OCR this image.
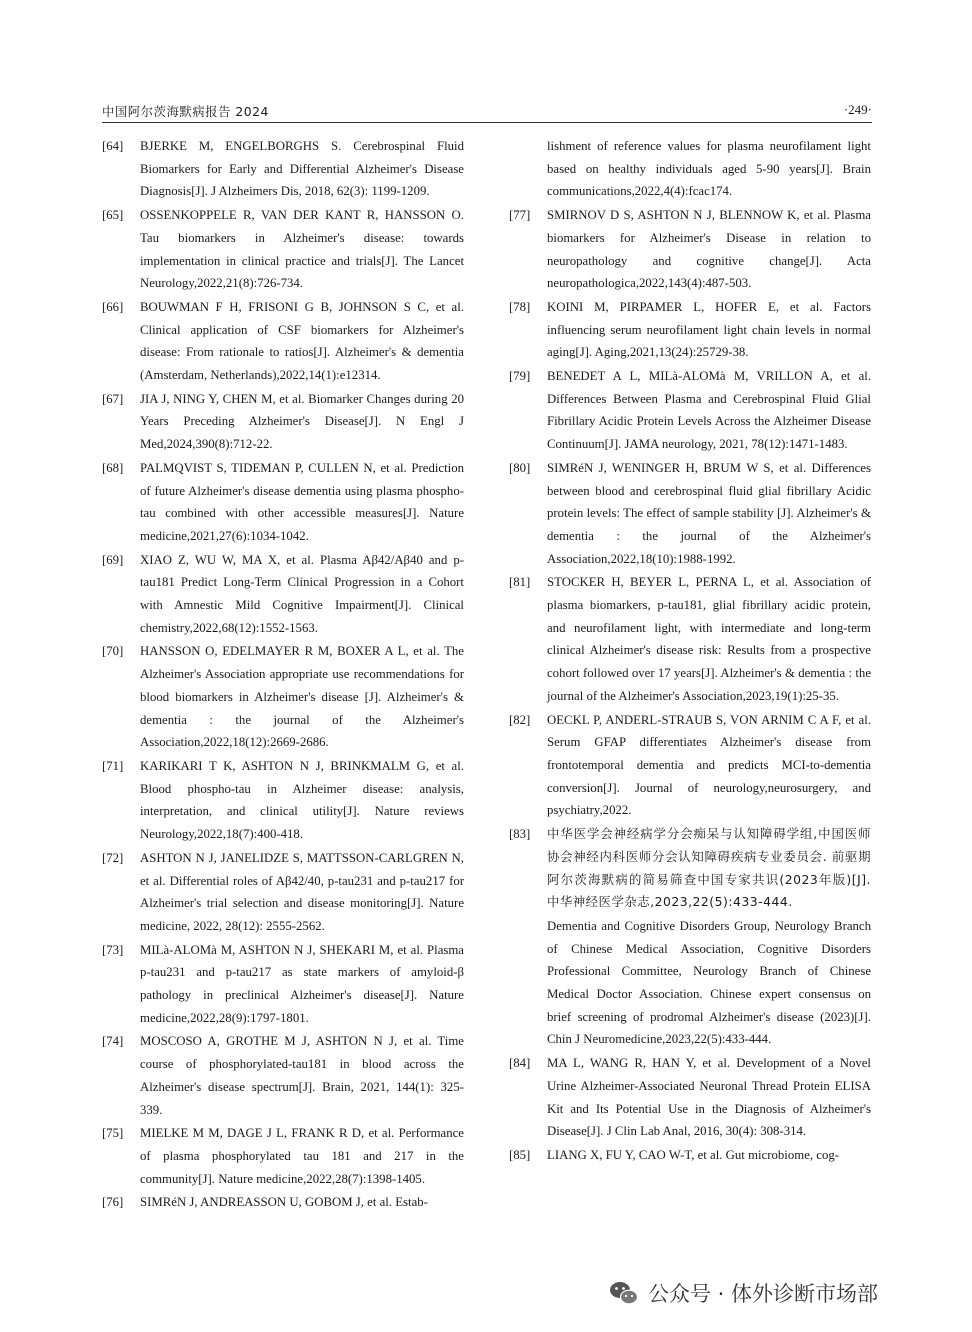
中国阿尔茨海默病报告 2024	·249·
[64]	BJERKE M, ENGELBORGHS S. Cerebrospinal Fluid Biomarkers for Early and Differential Alzheimer's Disease Diagnosis[J]. J Alzheimers Dis, 2018, 62(3): 1199-1209.
[65]	OSSENKOPPELE R, VAN DER KANT R, HANSSON O. Tau biomarkers in Alzheimer's disease: towards implementation in clinical practice and trials[J]. The Lancet Neurology,2022,21(8):726-734.
[66]	BOUWMAN F H, FRISONI G B, JOHNSON S C, et al. Clinical application of CSF biomarkers for Alzheimer's disease: From rationale to ratios[J]. Alzheimer's & dementia (Amsterdam, Netherlands),2022,14(1):e12314.
[67]	JIA J, NING Y, CHEN M, et al. Biomarker Changes during 20 Years Preceding Alzheimer's Disease[J]. N Engl J Med,2024,390(8):712-22.
[68]	PALMQVIST S, TIDEMAN P, CULLEN N, et al. Prediction of future Alzheimer's disease dementia using plasma phospho-tau combined with other accessible measures[J]. Nature medicine,2021,27(6):1034-1042.
[69]	XIAO Z, WU W, MA X, et al. Plasma Aβ42/Aβ40 and p-tau181 Predict Long-Term Clinical Progression in a Cohort with Amnestic Mild Cognitive Impairment[J]. Clinical chemistry,2022,68(12):1552-1563.
[70]	HANSSON O, EDELMAYER R M, BOXER A L, et al. The Alzheimer's Association appropriate use recommendations for blood biomarkers in Alzheimer's disease [J]. Alzheimer's & dementia : the journal of the Alzheimer's Association,2022,18(12):2669-2686.
[71]	KARIKARI T K, ASHTON N J, BRINKMALM G, et al. Blood phospho-tau in Alzheimer disease: analysis, interpretation, and clinical utility[J]. Nature reviews Neurology,2022,18(7):400-418.
[72]	ASHTON N J, JANELIDZE S, MATTSSON-CARLGREN N, et al. Differential roles of Aβ42/40, p-tau231 and p-tau217 for Alzheimer's trial selection and disease monitoring[J]. Nature medicine, 2022, 28(12): 2555-2562.
[73]	MILà-ALOMà M, ASHTON N J, SHEKARI M, et al. Plasma p-tau231 and p-tau217 as state markers of amyloid-β pathology in preclinical Alzheimer's disease[J]. Nature medicine,2022,28(9):1797-1801.
[74]	MOSCOSO A, GROTHE M J, ASHTON N J, et al. Time course of phosphorylated-tau181 in blood across the Alzheimer's disease spectrum[J]. Brain, 2021, 144(1): 325-339.
[75]	MIELKE M M, DAGE J L, FRANK R D, et al. Performance of plasma phosphorylated tau 181 and 217 in the community[J]. Nature medicine,2022,28(7):1398-1405.
[76]	SIMRéN J, ANDREASSON U, GOBOM J, et al. Estab-
lishment of reference values for plasma neurofilament light based on healthy individuals aged 5-90 years[J]. Brain communications,2022,4(4):fcac174.
[77]	SMIRNOV D S, ASHTON N J, BLENNOW K, et al. Plasma biomarkers for Alzheimer's Disease in relation to neuropathology and cognitive change[J]. Acta neuropathologica,2022,143(4):487-503.
[78]	KOINI M, PIRPAMER L, HOFER E, et al. Factors influencing serum neurofilament light chain levels in normal aging[J]. Aging,2021,13(24):25729-38.
[79]	BENEDET A L, MILà-ALOMà M, VRILLON A, et al. Differences Between Plasma and Cerebrospinal Fluid Glial Fibrillary Acidic Protein Levels Across the Alzheimer Disease Continuum[J]. JAMA neurology, 2021, 78(12):1471-1483.
[80]	SIMRéN J, WENINGER H, BRUM W S, et al. Differences between blood and cerebrospinal fluid glial fibrillary Acidic protein levels: The effect of sample stability [J]. Alzheimer's & dementia : the journal of the Alzheimer's Association,2022,18(10):1988-1992.
[81]	STOCKER H, BEYER L, PERNA L, et al. Association of plasma biomarkers, p-tau181, glial fibrillary acidic protein, and neurofilament light, with intermediate and long-term clinical Alzheimer's disease risk: Results from a prospective cohort followed over 17 years[J]. Alzheimer's & dementia : the journal of the Alzheimer's Association,2023,19(1):25-35.
[82]	OECKL P, ANDERL-STRAUB S, VON ARNIM C A F, et al. Serum GFAP differentiates Alzheimer's disease from frontotemporal dementia and predicts MCI-to-dementia conversion[J]. Journal of neurology,neurosurgery, and psychiatry,2022.
[83]	中华医学会神经病学分会痴呆与认知障碍学组,中国医师协会神经内科医师分会认知障碍疾病专业委员会. 前驱期阿尔茨海默病的简易筛查中国专家共识(2023年版)[J]. 中华神经医学杂志,2023,22(5):433-444.
Dementia and Cognitive Disorders Group, Neurology Branch of Chinese Medical Association, Cognitive Disorders Professional Committee, Neurology Branch of Chinese Medical Doctor Association. Chinese expert consensus on brief screening of prodromal Alzheimer's disease (2023)[J]. Chin J Neuromedicine,2023,22(5):433-444.
[84]	MA L, WANG R, HAN Y, et al. Development of a Novel Urine Alzheimer-Associated Neuronal Thread Protein ELISA Kit and Its Potential Use in the Diagnosis of Alzheimer's Disease[J]. J Clin Lab Anal, 2016, 30(4): 308-314.
[85]	LIANG X, FU Y, CAO W-T, et al. Gut microbiome, cog-
公众号 · 体外诊断市场部
